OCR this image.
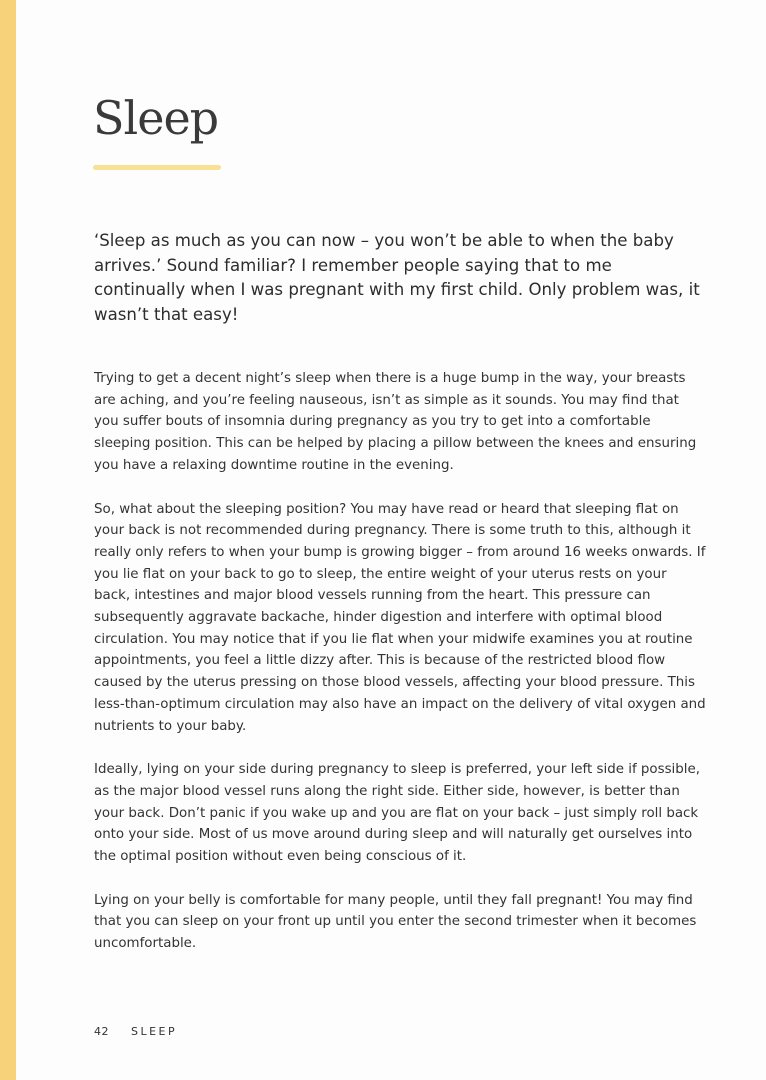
Sleep

‘Sleep as much as you can now – you won’t be able to when the baby arrives.’ Sound familiar? I remember people saying that to me continually when I was pregnant with my first child. Only problem was, it wasn’t that easy!

Trying to get a decent night’s sleep when there is a huge bump in the way, your breasts are aching, and you’re feeling nauseous, isn’t as simple as it sounds. You may find that you suffer bouts of insomnia during pregnancy as you try to get into a comfortable sleeping position. This can be helped by placing a pillow between the knees and ensuring you have a relaxing downtime routine in the evening.

So, what about the sleeping position? You may have read or heard that sleeping flat on your back is not recommended during pregnancy. There is some truth to this, although it really only refers to when your bump is growing bigger – from around 16 weeks onwards. If you lie flat on your back to go to sleep, the entire weight of your uterus rests on your back, intestines and major blood vessels running from the heart. This pressure can subsequently aggravate backache, hinder digestion and interfere with optimal blood circulation. You may notice that if you lie flat when your midwife examines you at routine appointments, you feel a little dizzy after. This is because of the restricted blood flow caused by the uterus pressing on those blood vessels, affecting your blood pressure. This less-than-optimum circulation may also have an impact on the delivery of vital oxygen and nutrients to your baby.

Ideally, lying on your side during pregnancy to sleep is preferred, your left side if possible, as the major blood vessel runs along the right side. Either side, however, is better than your back. Don’t panic if you wake up and you are flat on your back – just simply roll back onto your side. Most of us move around during sleep and will naturally get ourselves into the optimal position without even being conscious of it.

Lying on your belly is comfortable for many people, until they fall pregnant! You may find that you can sleep on your front up until you enter the second trimester when it becomes uncomfortable.

42 SLEEP
